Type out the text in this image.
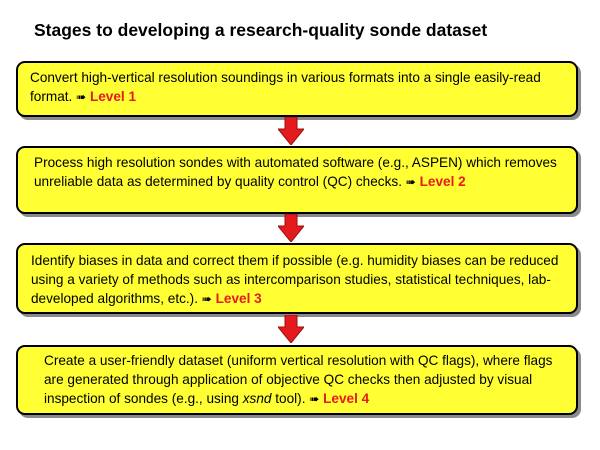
Stages to developing a research-quality sonde dataset
Convert high-vertical resolution soundings in various formats into a single easily-read format. ➠ Level 1
Process high resolution sondes with automated software (e.g., ASPEN) which removes unreliable data as determined by quality control (QC) checks. ➠ Level 2
Identify biases in data and correct them if possible (e.g. humidity biases can be reduced using a variety of methods such as intercomparison studies, statistical techniques, lab-developed algorithms, etc.). ➠ Level 3
Create a user-friendly dataset (uniform vertical resolution with QC flags), where flags are generated through application of objective QC checks then adjusted by visual inspection of sondes (e.g., using xsnd tool). ➠ Level 4
